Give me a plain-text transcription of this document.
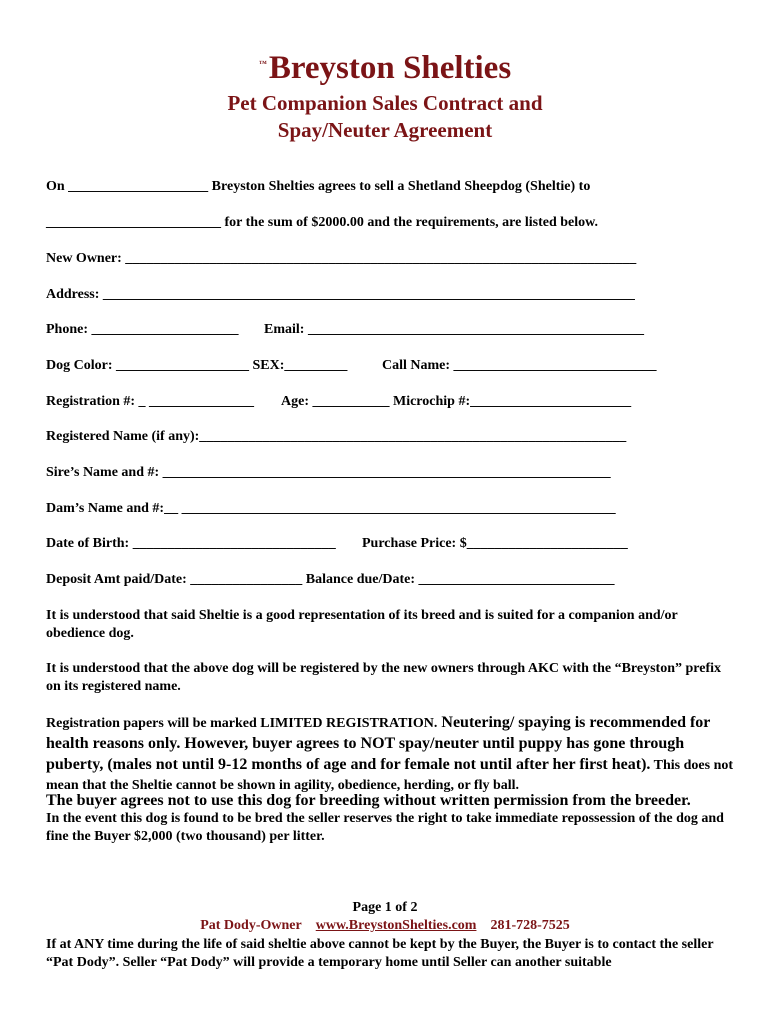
™Breyston Shelties
Pet Companion Sales Contract and
Spay/Neuter Agreement
On ____________________ Breyston Shelties agrees to sell a Shetland Sheepdog (Sheltie) to
_________________________ for the sum of $2000.00 and the requirements, are listed below.
New Owner: _________________________________________________________________________
Address: ____________________________________________________________________________
Phone: _____________________ Email: ________________________________________________
Dog Color: ___________________ SEX:_________ Call Name: _____________________________
Registration #: _ _______________ Age: ___________ Microchip #:_______________________
Registered Name (if any):_____________________________________________________________
Sire’s Name and #: ________________________________________________________________
Dam’s Name and #:__ ______________________________________________________________
Date of Birth: _____________________________ Purchase Price: $_______________________
Deposit Amt paid/Date: ________________ Balance due/Date: ____________________________
It is understood that said Sheltie is a good representation of its breed and is suited for a companion and/or obedience dog.
It is understood that the above dog will be registered by the new owners through AKC with the “Breyston” prefix on its registered name.
Registration papers will be marked LIMITED REGISTRATION. Neutering/ spaying is recommended for health reasons only. However, buyer agrees to NOT spay/neuter until puppy has gone through puberty, (males not until 9-12 months of age and for female not until after her first heat). This does not mean that the Sheltie cannot be shown in agility, obedience, herding, or fly ball.
The buyer agrees not to use this dog for breeding without written permission from the breeder.
In the event this dog is found to be bred the seller reserves the right to take immediate repossession of the dog and fine the Buyer $2,000 (two thousand) per litter.
Page 1 of 2
Pat Dody-Owner www.BreystonShelties.com 281-728-7525
If at ANY time during the life of said sheltie above cannot be kept by the Buyer, the Buyer is to contact the seller “Pat Dody”. Seller “Pat Dody” will provide a temporary home until Seller can another suitable
